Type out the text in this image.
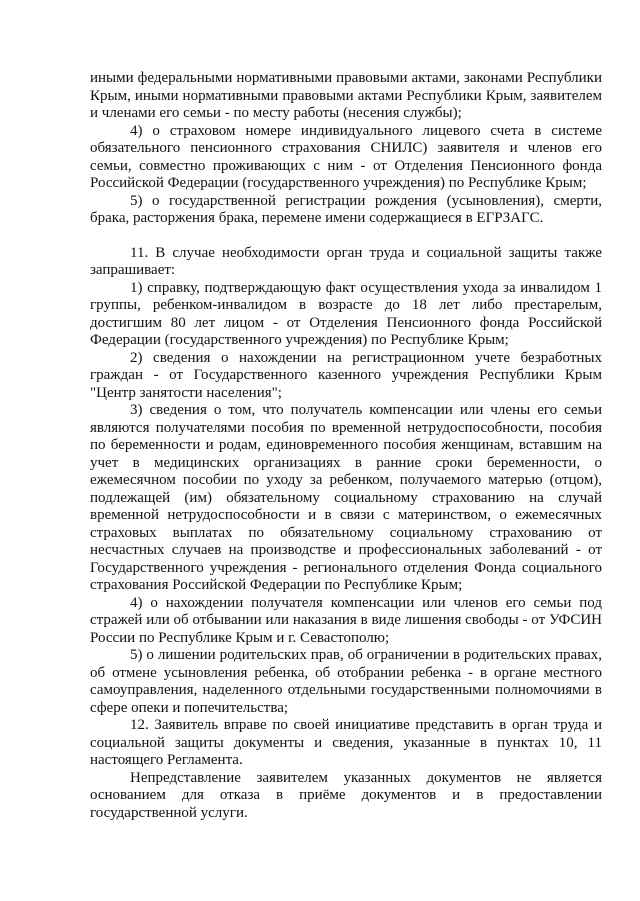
иными федеральными нормативными правовыми актами, законами Республики Крым, иными нормативными правовыми актами Республики Крым, заявителем и членами его семьи - по месту работы (несения службы);

4) о страховом номере индивидуального лицевого счета в системе обязательного пенсионного страхования СНИЛС) заявителя и членов его семьи, совместно проживающих с ним - от Отделения Пенсионного фонда Российской Федерации (государственного учреждения) по Республике Крым;

5) о государственной регистрации рождения (усыновления), смерти, брака, расторжения брака, перемене имени содержащиеся в ЕГРЗАГС.

11. В случае необходимости орган труда и социальной защиты также запрашивает:

1) справку, подтверждающую факт осуществления ухода за инвалидом 1 группы, ребенком-инвалидом в возрасте до 18 лет либо престарелым, достигшим 80 лет лицом - от Отделения Пенсионного фонда Российской Федерации (государственного учреждения) по Республике Крым;

2) сведения о нахождении на регистрационном учете безработных граждан - от Государственного казенного учреждения Республики Крым "Центр занятости населения";

3) сведения о том, что получатель компенсации или члены его семьи являются получателями пособия по временной нетрудоспособности, пособия по беременности и родам, единовременного пособия женщинам, вставшим на учет в медицинских организациях в ранние сроки беременности, о ежемесячном пособии по уходу за ребенком, получаемого матерью (отцом), подлежащей (им) обязательному социальному страхованию на случай временной нетрудоспособности и в связи с материнством, о ежемесячных страховых выплатах по обязательному социальному страхованию от несчастных случаев на производстве и профессиональных заболеваний - от Государственного учреждения - регионального отделения Фонда социального страхования Российской Федерации по Республике Крым;

4) о нахождении получателя компенсации или членов его семьи под стражей или об отбывании или наказания в виде лишения свободы - от УФСИН России по Республике Крым и г. Севастополю;

5) о лишении родительских прав, об ограничении в родительских правах, об отмене усыновления ребенка, об отобрании ребенка - в органе местного самоуправления, наделенного отдельными государственными полномочиями в сфере опеки и попечительства;

12. Заявитель вправе по своей инициативе представить в орган труда и социальной защиты документы и сведения, указанные в пунктах 10, 11 настоящего Регламента.

Непредставление заявителем указанных документов не является основанием для отказа в приёме документов и в предоставлении государственной услуги.
